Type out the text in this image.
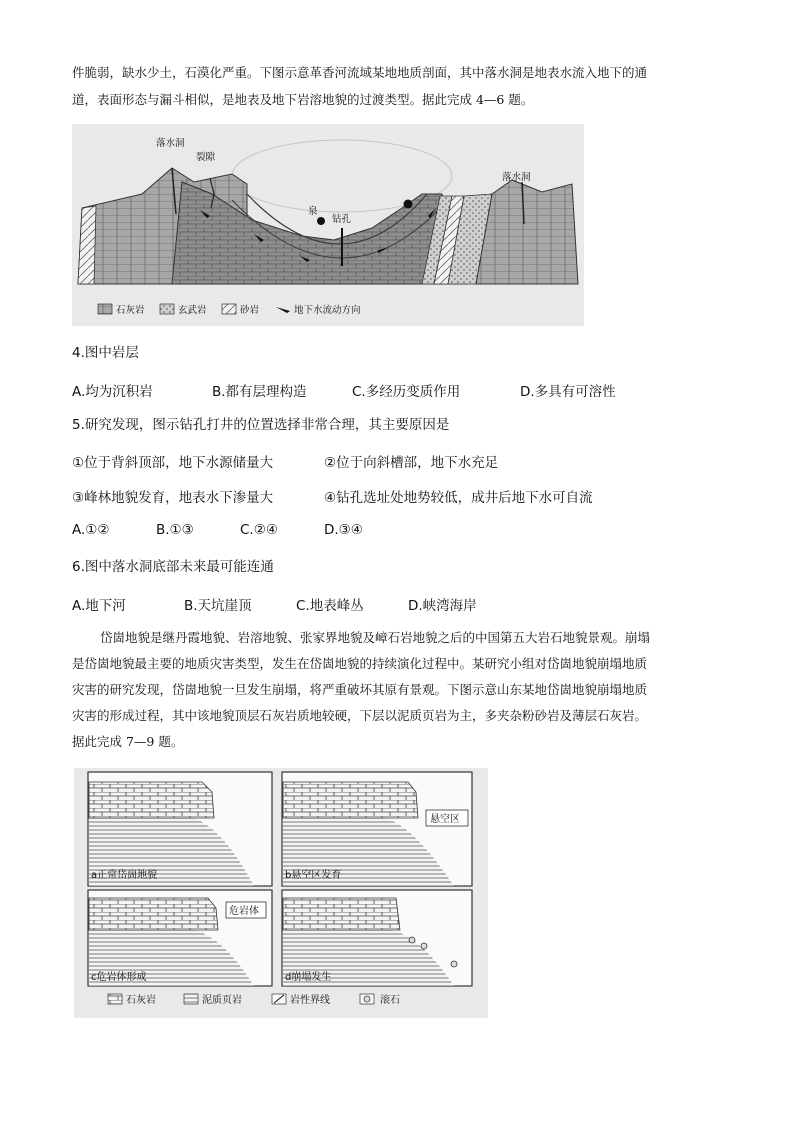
件脆弱，缺水少土，石漠化严重。下图示意革香河流域某地地质剖面，其中落水洞是地表水流入地下的通
道，表面形态与漏斗相似，是地表及地下岩溶地貌的过渡类型。据此完成 4—6 题。
落水洞
裂隙
泉
钻孔
落水洞
石灰岩	玄武岩	砂岩	地下水流动方向
4.图中岩层
A.均为沉积岩	B.都有层理构造	C.多经历变质作用	D.多具有可溶性
5.研究发现，图示钻孔打井的位置选择非常合理，其主要原因是
①位于背斜顶部，地下水源储量大	②位于向斜槽部，地下水充足
③峰林地貌发育，地表水下渗量大	④钻孔选址处地势较低，成井后地下水可自流
A.①②	B.①③	C.②④	D.③④
6.图中落水洞底部未来最可能连通
A.地下河	B.天坑崖顶	C.地表峰丛	D.峡湾海岸
岱崮地貌是继丹霞地貌、岩溶地貌、张家界地貌及嶂石岩地貌之后的中国第五大岩石地貌景观。崩塌
是岱崮地貌最主要的地质灾害类型，发生在岱崮地貌的持续演化过程中。某研究小组对岱崮地貌崩塌地质
灾害的研究发现，岱崮地貌一旦发生崩塌，将严重破坏其原有景观。下图示意山东某地岱崮地貌崩塌地质
灾害的形成过程，其中该地貌顶层石灰岩质地较硬，下层以泥质页岩为主，多夹杂粉砂岩及薄层石灰岩。
据此完成 7—9 题。
a正常岱崮地貌
悬空区
b悬空区发育
危岩体
c危岩体形成	d崩塌发生
石灰岩	泥质页岩	岩性界线	滚石
